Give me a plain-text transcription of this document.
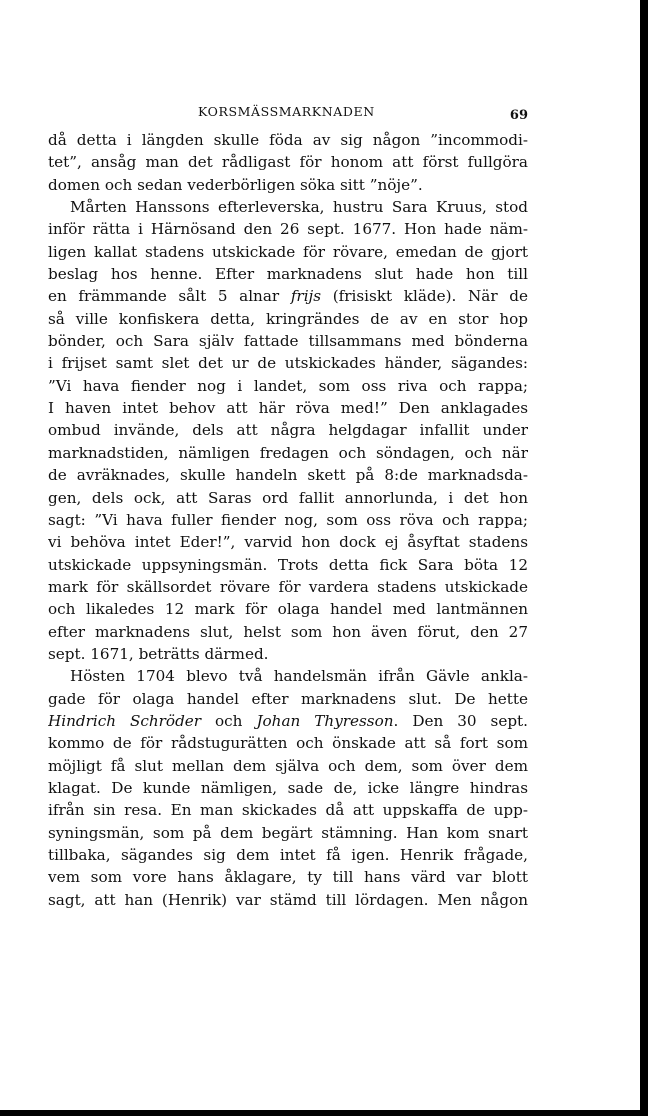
KORSMÄSSMARKNADEN	69
då detta i längden skulle föda av sig någon ”incommodi-
tet”, ansåg man det rådligast för honom att först fullgöra
domen och sedan vederbörligen söka sitt ”nöje”.
Mårten Hanssons efterleverska, hustru Sara Kruus, stod
inför rätta i Härnösand den 26 sept. 1677. Hon hade näm-
ligen kallat stadens utskickade för rövare, emedan de gjort
beslag hos henne. Efter marknadens slut hade hon till
en främmande sålt 5 alnar frijs (frisiskt kläde). När de
så ville konfiskera detta, kringrändes de av en stor hop
bönder, och Sara själv fattade tillsammans med bönderna
i frijset samt slet det ur de utskickades händer, sägandes:
”Vi hava fiender nog i landet, som oss riva och rappa;
I haven intet behov att här röva med!” Den anklagades
ombud invände, dels att några helgdagar infallit under
marknadstiden, nämligen fredagen och söndagen, och när
de avräknades, skulle handeln skett på 8:de marknadsda-
gen, dels ock, att Saras ord fallit annorlunda, i det hon
sagt: ”Vi hava fuller fiender nog, som oss röva och rappa;
vi behöva intet Eder!”, varvid hon dock ej åsyftat stadens
utskickade uppsyningsmän. Trots detta fick Sara böta 12
mark för skällsordet rövare för vardera stadens utskickade
och likaledes 12 mark för olaga handel med lantmännen
efter marknadens slut, helst som hon även förut, den 27
sept. 1671, beträtts därmed.
Hösten 1704 blevo två handelsmän ifrån Gävle ankla-
gade för olaga handel efter marknadens slut. De hette
Hindrich Schröder och Johan Thyresson. Den 30 sept.
kommo de för rådstugurätten och önskade att så fort som
möjligt få slut mellan dem själva och dem, som över dem
klagat. De kunde nämligen, sade de, icke längre hindras
ifrån sin resa. En man skickades då att uppskaffa de upp-
syningsmän, som på dem begärt stämning. Han kom snart
tillbaka, sägandes sig dem intet få igen. Henrik frågade,
vem som vore hans åklagare, ty till hans värd var blott
sagt, att han (Henrik) var stämd till lördagen. Men någon
